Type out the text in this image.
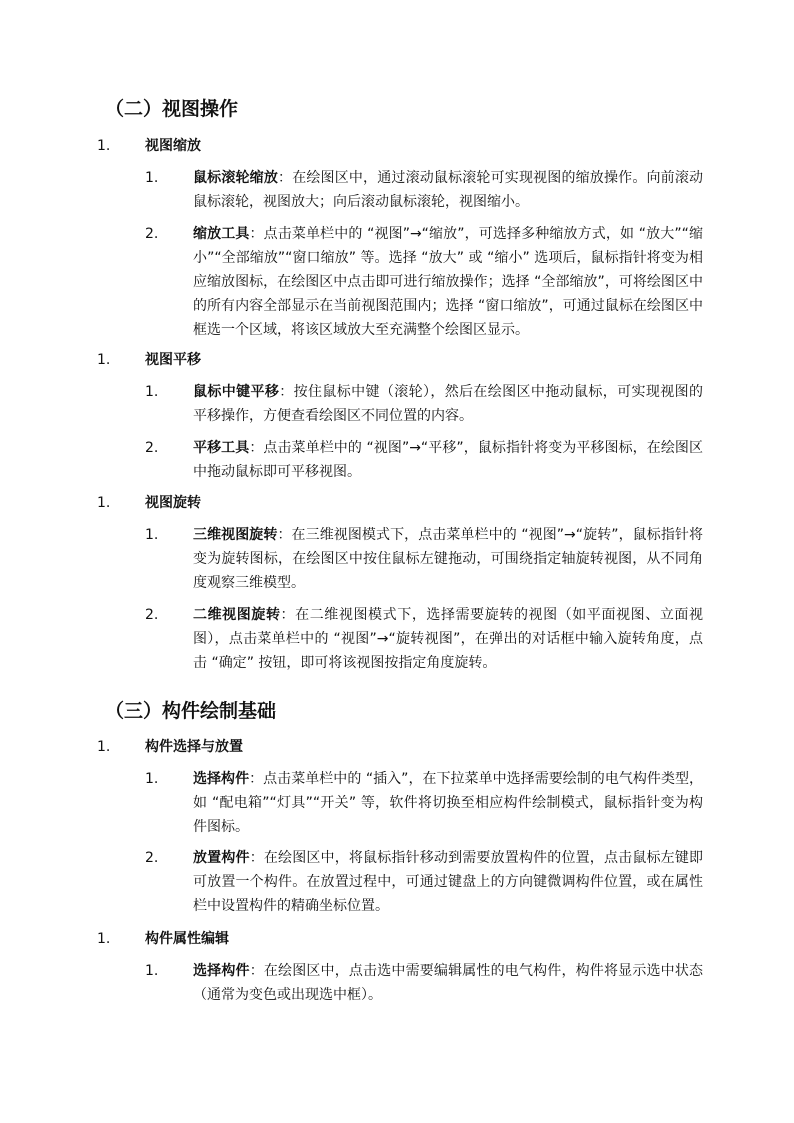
（二）视图操作
1. 视图缩放
1. 鼠标滚轮缩放：在绘图区中，通过滚动鼠标滚轮可实现视图的缩放操作。向前滚动鼠标滚轮，视图放大；向后滚动鼠标滚轮，视图缩小。
2. 缩放工具：点击菜单栏中的 “视图”→“缩放”，可选择多种缩放方式，如 “放大”“缩小”“全部缩放”“窗口缩放” 等。选择 “放大” 或 “缩小” 选项后，鼠标指针将变为相应缩放图标，在绘图区中点击即可进行缩放操作；选择 “全部缩放”，可将绘图区中的所有内容全部显示在当前视图范围内；选择 “窗口缩放”，可通过鼠标在绘图区中框选一个区域，将该区域放大至充满整个绘图区显示。
1. 视图平移
1. 鼠标中键平移：按住鼠标中键（滚轮），然后在绘图区中拖动鼠标，可实现视图的平移操作，方便查看绘图区不同位置的内容。
2. 平移工具：点击菜单栏中的 “视图”→“平移”，鼠标指针将变为平移图标，在绘图区中拖动鼠标即可平移视图。
1. 视图旋转
1. 三维视图旋转：在三维视图模式下，点击菜单栏中的 “视图”→“旋转”，鼠标指针将变为旋转图标，在绘图区中按住鼠标左键拖动，可围绕指定轴旋转视图，从不同角度观察三维模型。
2. 二维视图旋转：在二维视图模式下，选择需要旋转的视图（如平面视图、立面视图），点击菜单栏中的 “视图”→“旋转视图”，在弹出的对话框中输入旋转角度，点击 “确定” 按钮，即可将该视图按指定角度旋转。
（三）构件绘制基础
1. 构件选择与放置
1. 选择构件：点击菜单栏中的 “插入”，在下拉菜单中选择需要绘制的电气构件类型，如 “配电箱”“灯具”“开关” 等，软件将切换至相应构件绘制模式，鼠标指针变为构件图标。
2. 放置构件：在绘图区中，将鼠标指针移动到需要放置构件的位置，点击鼠标左键即可放置一个构件。在放置过程中，可通过键盘上的方向键微调构件位置，或在属性栏中设置构件的精确坐标位置。
1. 构件属性编辑
1. 选择构件：在绘图区中，点击选中需要编辑属性的电气构件，构件将显示选中状态（通常为变色或出现选中框）。
